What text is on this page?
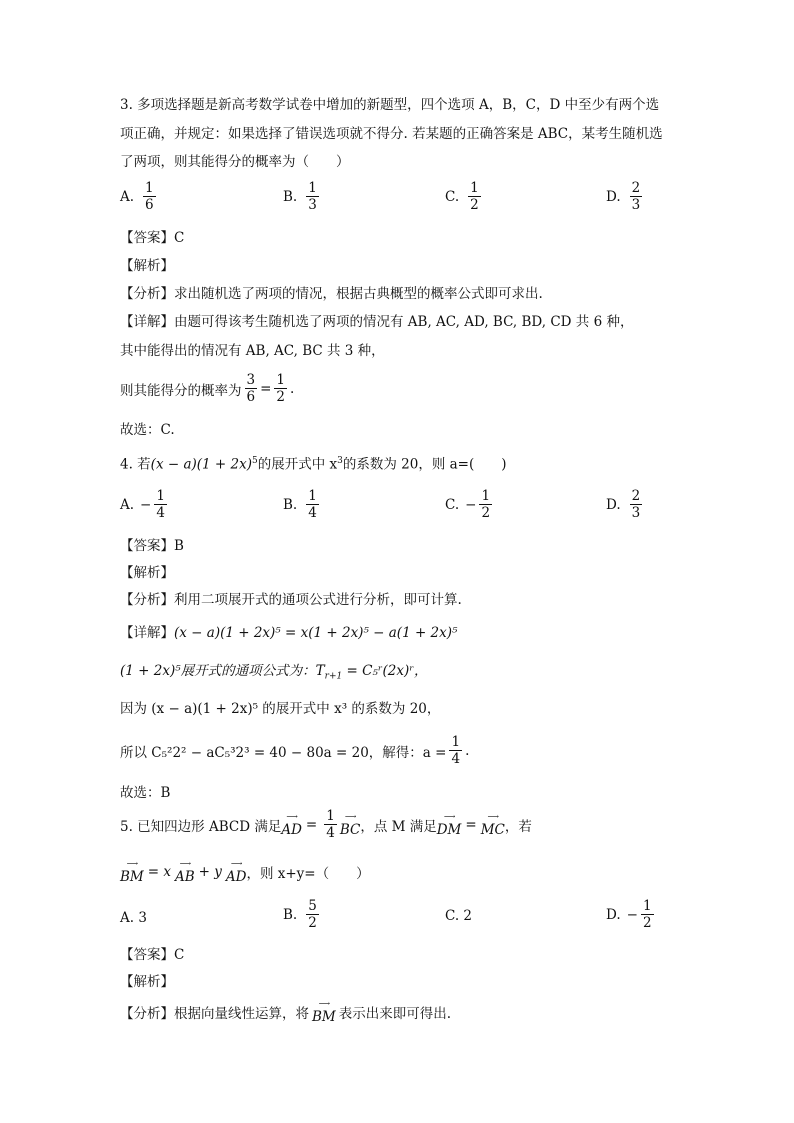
3. 多项选择题是新高考数学试卷中增加的新题型，四个选项 A，B，C，D 中至少有两个选
项正确，并规定：如果选择了错误选项就不得分. 若某题的正确答案是 ABC，某考生随机选
了两项，则其能得分的概率为（　　）
A. $\frac{1}{6}$	B. $\frac{1}{3}$	C. $\frac{1}{2}$	D. $\frac{2}{3}$
【答案】C
【解析】
【分析】求出随机选了两项的情况，根据古典概型的概率公式即可求出.
【详解】由题可得该考生随机选了两项的情况有 AB, AC, AD, BC, BD, CD 共 6 种，
其中能得出的情况有 AB, AC, BC 共 3 种，
则其能得分的概率为 $\frac{3}{6} = \frac{1}{2}$ .
故选：C.
4. 若$(x - a)(1 + 2x)^5$的展开式中 $x^3$的系数为 20，则 a=(　　)
A. − $\frac{1}{4}$	B. $\frac{1}{4}$	C. − $\frac{1}{2}$	D. $\frac{2}{3}$
【答案】B
【解析】
【分析】利用二项展开式的通项公式进行分析，即可计算.
【详解】(x − a)(1 + 2x)⁵ = x(1 + 2x)⁵ − a(1 + 2x)⁵
(1 + 2x)⁵展开式的通项公式为：$T_{r+1}$ = C₅ʳ(2x)ʳ，
因为 (x − a)(1 + 2x)⁵ 的展开式中 x³ 的系数为 20，
所以 C₅²2² − aC₅³2³ = 40 − 80a = 20，解得：$a = \frac{1}{4}$ .
故选：B
5. 已知四边形 ABCD 满足
⟶
AD = $\frac{1}{4}$ ⟶
BC ，点 M 满足
⟶
DM = ⟶
MC ，若
⟶
BM = x ⟶
AB + y ⟶
AD ，则 x+y=（　　）
A. 3	B. $\frac{5}{2}$	C. 2	D. − $\frac{1}{2}$
【答案】C
【解析】
【分析】根据向量线性运算，将
⟶
BM 表示出来即可得出.
